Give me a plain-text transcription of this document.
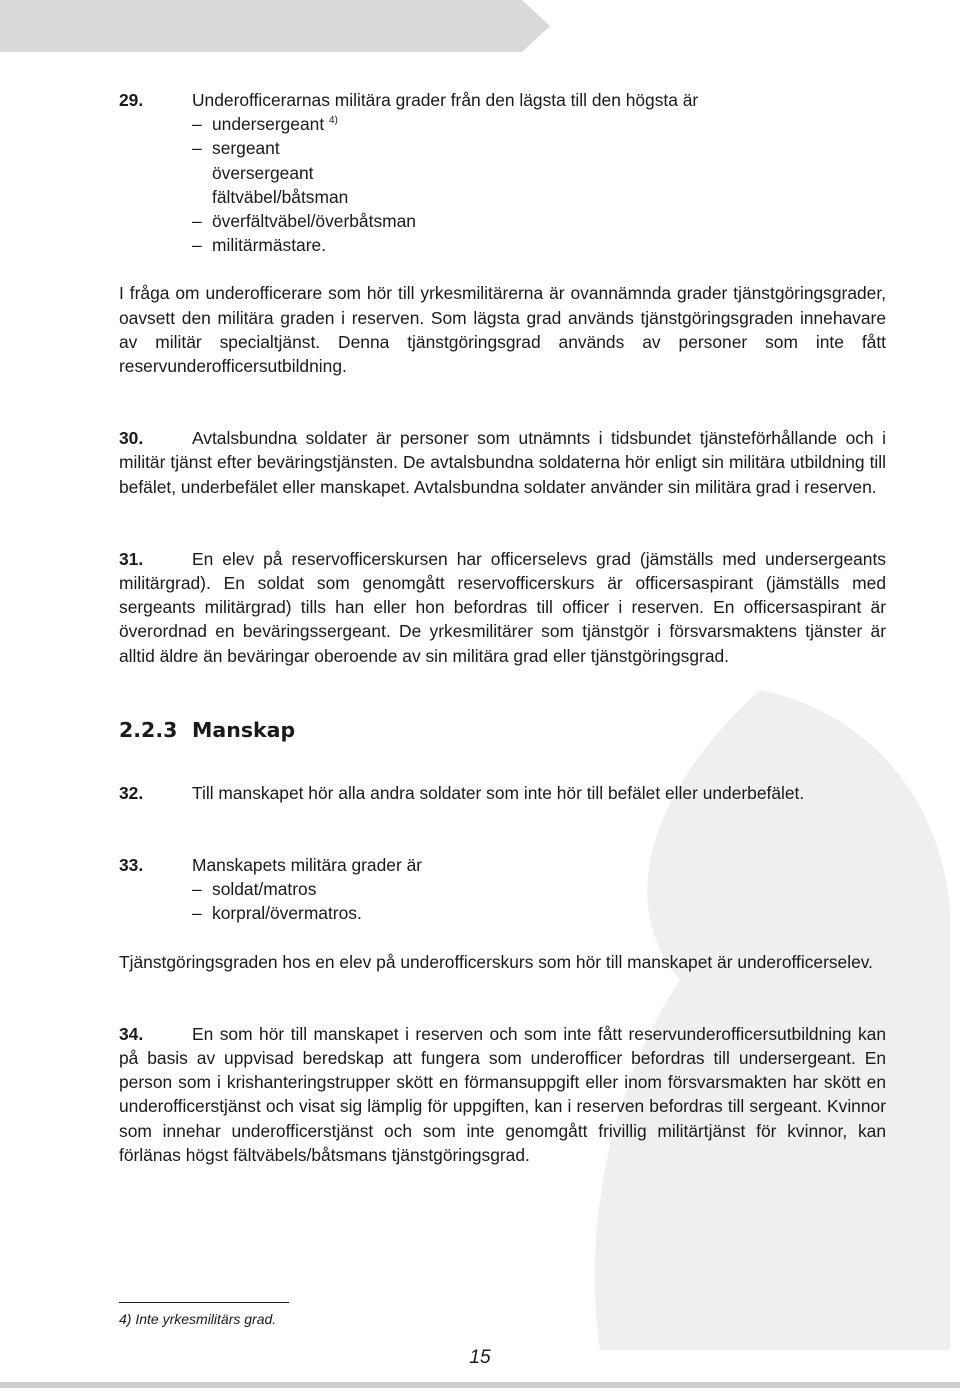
29.	Underofficerarnas militära grader från den lägsta till den högsta är

– undersergeant $^{4)}$
– sergeant
översergeant
fältväbel/båtsman
– överfältväbel/överbåtsman
– militärmästare.

I fråga om underofficerare som hör till yrkesmilitärerna är ovannämnda grader tjänstgöringsgrader, oavsett den militära graden i reserven. Som lägsta grad används tjänstgöringsgraden innehavare av militär specialtjänst. Denna tjänstgöringsgrad används av personer som inte fått reservunderofficersutbildning.

30.	Avtalsbundna soldater är personer som utnämnts i tidsbundet tjänsteförhållande och i militär tjänst efter beväringstjänsten. De avtalsbundna soldaterna hör enligt sin militära utbildning till befälet, underbefälet eller manskapet. Avtalsbundna soldater använder sin militära grad i reserven.

31.	En elev på reservofficerskursen har officerselevs grad (jämställs med undersergeants militärgrad). En soldat som genomgått reservofficerskurs är officersaspirant (jämställs med sergeants militärgrad) tills han eller hon befordras till officer i reserven. En officersaspirant är överordnad en beväringssergeant. De yrkesmilitärer som tjänstgör i försvarsmaktens tjänster är alltid äldre än beväringar oberoende av sin militära grad eller tjänstgöringsgrad.

2.2.3 Manskap

32.	Till manskapet hör alla andra soldater som inte hör till befälet eller underbefälet.

33.	Manskapets militära grader är

– soldat/matros
– korpral/övermatros.

Tjänstgöringsgraden hos en elev på underofficerskurs som hör till manskapet är underofficerselev.

34.	En som hör till manskapet i reserven och som inte fått reservunderofficersutbildning kan på basis av uppvisad beredskap att fungera som underofficer befordras till undersergeant. En person som i krishanteringstrupper skött en förmansuppgift eller inom försvarsmakten har skött en underofficerstjänst och visat sig lämplig för uppgiften, kan i reserven befordras till sergeant. Kvinnor som innehar underofficerstjänst och som inte genomgått frivillig militärtjänst för kvinnor, kan förlänas högst fältväbels/båtsmans tjänstgöringsgrad.

4) Inte yrkesmilitärs grad.
15
